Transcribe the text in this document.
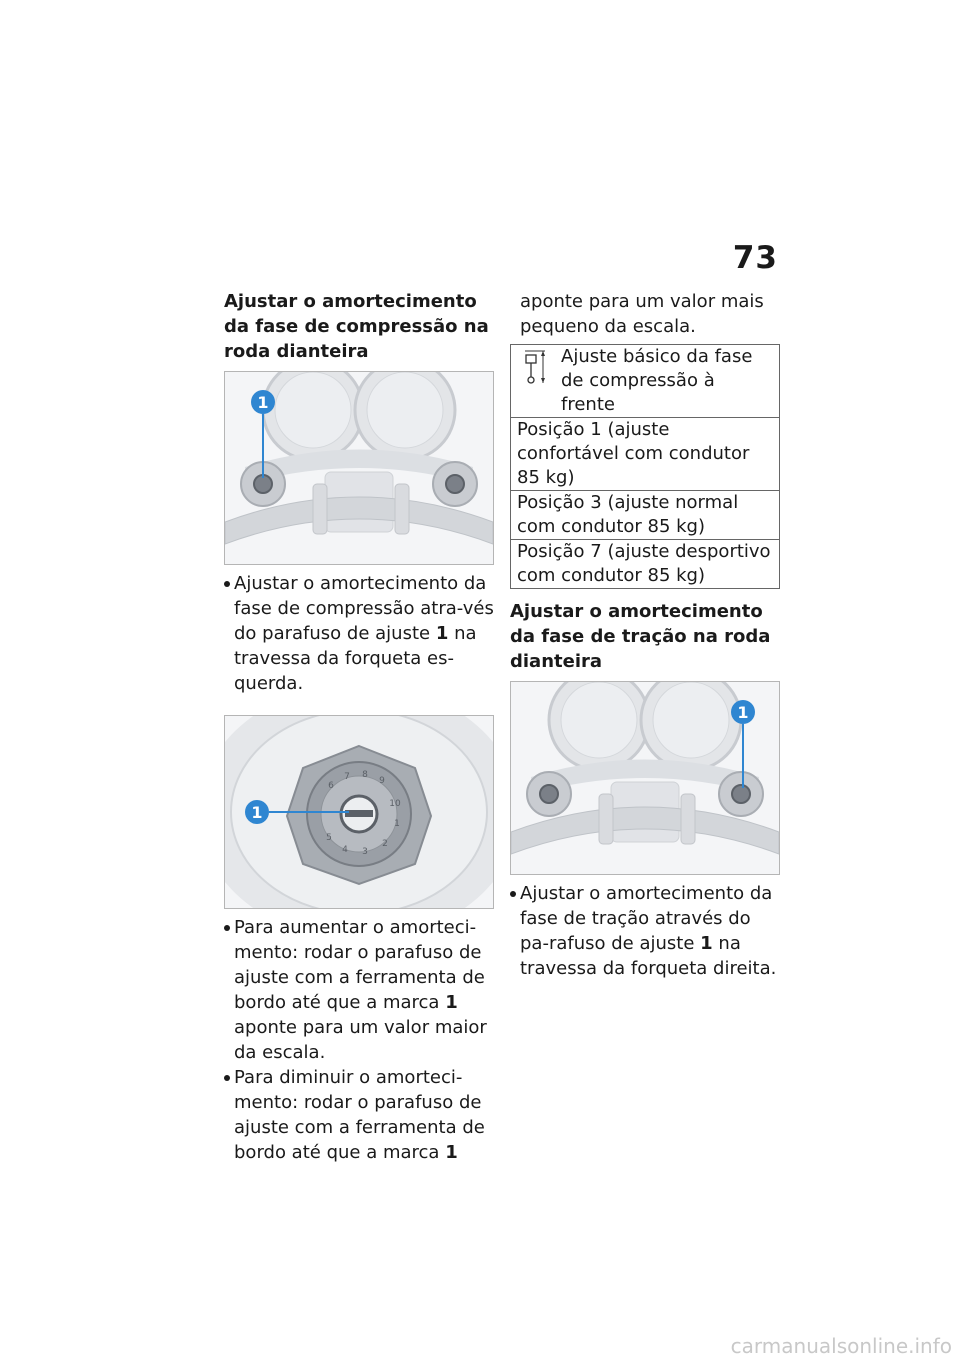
73
Ajustar o amortecimento da fase de compressão na roda dianteira
1
Ajustar o amortecimento da fase de compressão atra-vés do parafuso de ajuste 1 na travessa da forqueta es-querda.
6
7 8
9
10
1
2
3
4
5
1
Para aumentar o amorteci-mento: rodar o parafuso de ajuste com a ferramenta de bordo até que a marca 1 aponte para um valor maior da escala.
Para diminuir o amorteci-mento: rodar o parafuso de ajuste com a ferramenta de bordo até que a marca 1

aponte para um valor mais pequeno da escala.

Ajuste básico da fase de compressão à frente

Posição 1 (ajuste confortável com condutor 85 kg)
Posição 3 (ajuste normal com condutor 85 kg)
Posição 7 (ajuste desportivo com condutor 85 kg)
Ajustar o amortecimento da fase de tração na roda dianteira
1
Ajustar o amortecimento da fase de tração através do pa-rafuso de ajuste 1 na travessa da forqueta direita.
carmanualsonline.info
